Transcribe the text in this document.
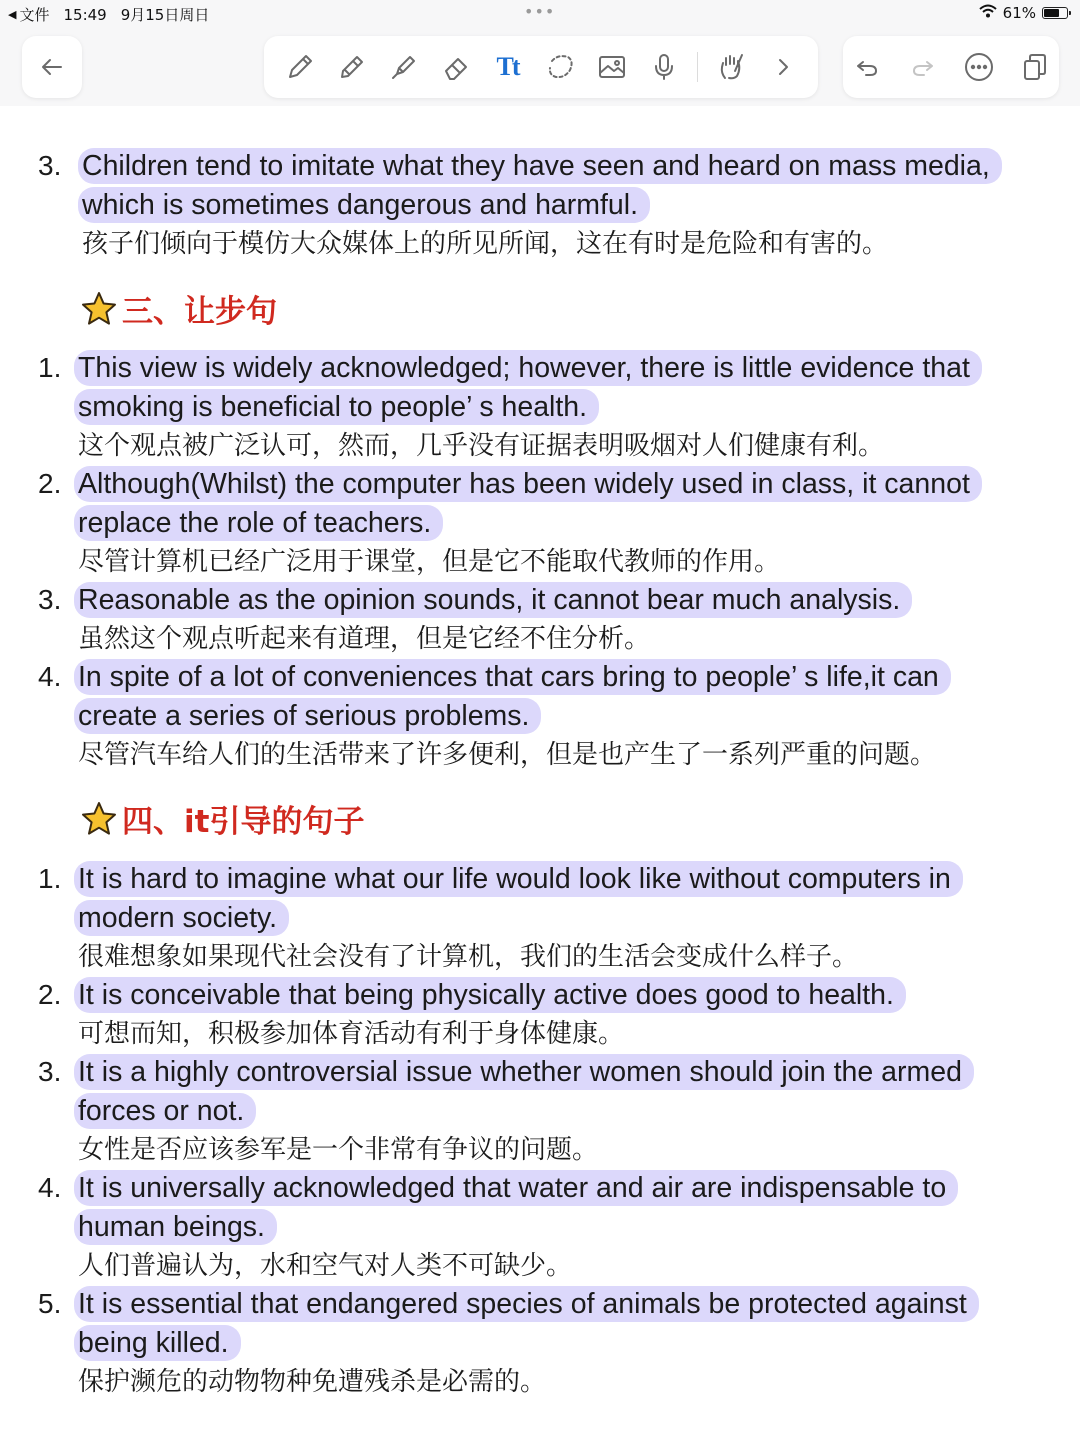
◀ 文件 15:49 9月15日周日	•••	61%
Tt
3. Children tend to imitate what they have seen and heard on mass media,
which is sometimes dangerous and harmful.
孩子们倾向于模仿大众媒体上的所见所闻，这在有时是危险和有害的。
三、让步句
1. This view is widely acknowledged; however, there is little evidence that
smoking is beneficial to people’ s health.
这个观点被广泛认可，然而，几乎没有证据表明吸烟对人们健康有利。
2. Although(Whilst) the computer has been widely used in class, it cannot
replace the role of teachers.
尽管计算机已经广泛用于课堂，但是它不能取代教师的作用。
3. Reasonable as the opinion sounds, it cannot bear much analysis.
虽然这个观点听起来有道理，但是它经不住分析。
4. In spite of a lot of conveniences that cars bring to people’ s life,it can
create a series of serious problems.
尽管汽车给人们的生活带来了许多便利，但是也产生了一系列严重的问题。
四、it引导的句子
1. It is hard to imagine what our life would look like without computers in
modern society.
很难想象如果现代社会没有了计算机，我们的生活会变成什么样子。
2. It is conceivable that being physically active does good to health.
可想而知，积极参加体育活动有利于身体健康。
3. It is a highly controversial issue whether women should join the armed
forces or not.
女性是否应该参军是一个非常有争议的问题。
4. It is universally acknowledged that water and air are indispensable to
human beings.
人们普遍认为，水和空气对人类不可缺少。
5. It is essential that endangered species of animals be protected against
being killed.
保护濒危的动物物种免遭残杀是必需的。
